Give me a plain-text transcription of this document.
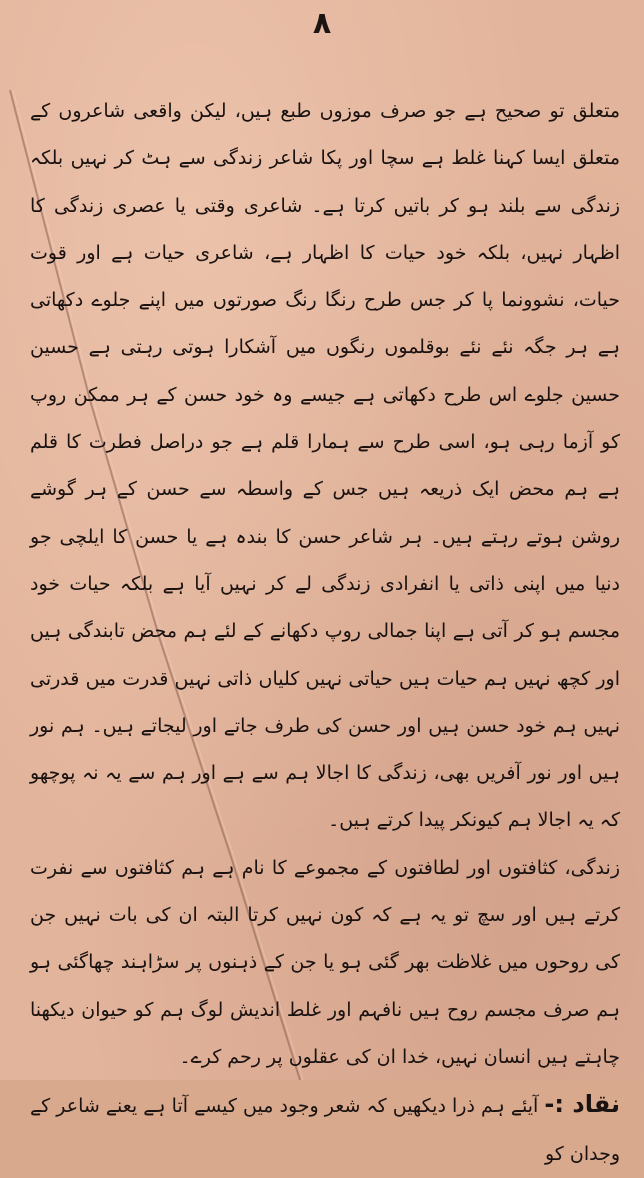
۸

متعلق تو صحیح ہے جو صرف موزوں طبع ہیں، لیکن واقعی شاعروں کے متعلق ایسا کہنا غلط ہے سچا اور پکا شاعر زندگی سے ہٹ کر نہیں بلکہ زندگی سے بلند ہو کر باتیں کرتا ہے۔ شاعری وقتی یا عصری زندگی کا اظہار نہیں، بلکہ خود حیات کا اظہار ہے، شاعری حیات ہے اور قوت حیات، نشوونما پا کر جس طرح رنگا رنگ صورتوں میں اپنے جلوے دکھاتی ہے ہر جگہ نئے نئے بوقلموں رنگوں میں آشکارا ہوتی رہتی ہے حسین حسین جلوے اس طرح دکھاتی ہے جیسے وہ خود حسن کے ہر ممکن روپ کو آزما رہی ہو، اسی طرح سے ہمارا قلم ہے جو دراصل فطرت کا قلم ہے ہم محض ایک ذریعہ ہیں جس کے واسطہ سے حسن کے ہر گوشے روشن ہوتے رہتے ہیں۔ ہر شاعر حسن کا بندہ ہے یا حسن کا ایلچی جو دنیا میں اپنی ذاتی یا انفرادی زندگی لے کر نہیں آیا ہے بلکہ حیات خود مجسم ہو کر آتی ہے اپنا جمالی روپ دکھانے کے لئے ہم محض تابندگی ہیں اور کچھ نہیں ہم حیات ہیں حیاتی نہیں کلیاں ذاتی نہیں قدرت میں قدرتی نہیں ہم خود حسن ہیں اور حسن کی طرف جاتے اور لیجاتے ہیں۔ ہم نور ہیں اور نور آفریں بھی، زندگی کا اجالا ہم سے ہے اور ہم سے یہ نہ پوچھو کہ یہ اجالا ہم کیونکر پیدا کرتے ہیں۔

زندگی، کثافتوں اور لطافتوں کے مجموعے کا نام ہے ہم کثافتوں سے نفرت کرتے ہیں اور سچ تو یہ ہے کہ کون نہیں کرتا البتہ ان کی بات نہیں جن کی روحوں میں غلاظت بھر گئی ہو یا جن کے ذہنوں پر سڑاہند چھاگئی ہو ہم صرف مجسم روح ہیں نافہم اور غلط اندیش لوگ ہم کو حیوان دیکھنا چاہتے ہیں انسان نہیں، خدا ان کی عقلوں پر رحم کرے۔

نقاد :- آیئے ہم ذرا دیکھیں کہ شعر وجود میں کیسے آتا ہے یعنے شاعر کے وجدان کو
